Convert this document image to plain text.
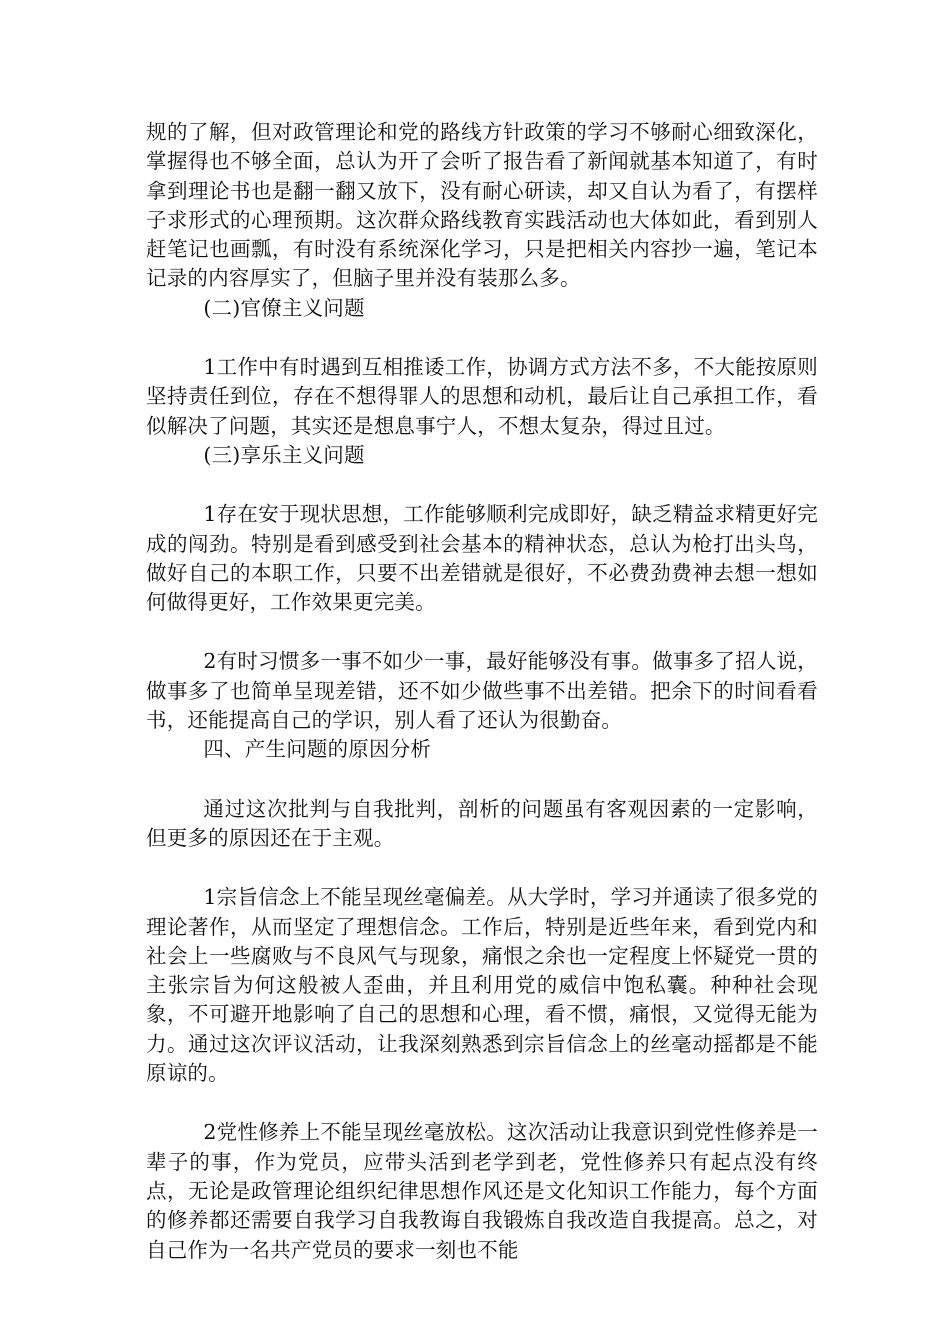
规的了解，但对政管理论和党的路线方针政策的学习不够耐心细致深化，掌握得也不够全面，总认为开了会听了报告看了新闻就基本知道了，有时拿到理论书也是翻一翻又放下，没有耐心研读，却又自认为看了，有摆样子求形式的心理预期。这次群众路线教育实践活动也大体如此，看到别人赶笔记也画瓢，有时没有系统深化学习，只是把相关内容抄一遍，笔记本记录的内容厚实了，但脑子里并没有装那么多。

(二)官僚主义问题

1工作中有时遇到互相推诿工作，协调方式方法不多，不大能按原则坚持责任到位，存在不想得罪人的思想和动机，最后让自己承担工作，看似解决了问题，其实还是想息事宁人，不想太复杂，得过且过。

(三)享乐主义问题

1存在安于现状思想，工作能够顺利完成即好，缺乏精益求精更好完成的闯劲。特别是看到感受到社会基本的精神状态，总认为枪打出头鸟，做好自己的本职工作，只要不出差错就是很好，不必费劲费神去想一想如何做得更好，工作效果更完美。

2有时习惯多一事不如少一事，最好能够没有事。做事多了招人说，做事多了也简单呈现差错，还不如少做些事不出差错。把余下的时间看看书，还能提高自己的学识，别人看了还认为很勤奋。

四、产生问题的原因分析

通过这次批判与自我批判，剖析的问题虽有客观因素的一定影响，但更多的原因还在于主观。

1宗旨信念上不能呈现丝毫偏差。从大学时，学习并通读了很多党的理论著作，从而坚定了理想信念。工作后，特别是近些年来，看到党内和社会上一些腐败与不良风气与现象，痛恨之余也一定程度上怀疑党一贯的主张宗旨为何这般被人歪曲，并且利用党的威信中饱私囊。种种社会现象，不可避开地影响了自己的思想和心理，看不惯，痛恨，又觉得无能为力。通过这次评议活动，让我深刻熟悉到宗旨信念上的丝毫动摇都是不能原谅的。

2党性修养上不能呈现丝毫放松。这次活动让我意识到党性修养是一辈子的事，作为党员，应带头活到老学到老，党性修养只有起点没有终点，无论是政管理论组织纪律思想作风还是文化知识工作能力，每个方面的修养都还需要自我学习自我教诲自我锻炼自我改造自我提高。总之，对自己作为一名共产党员的要求一刻也不能
